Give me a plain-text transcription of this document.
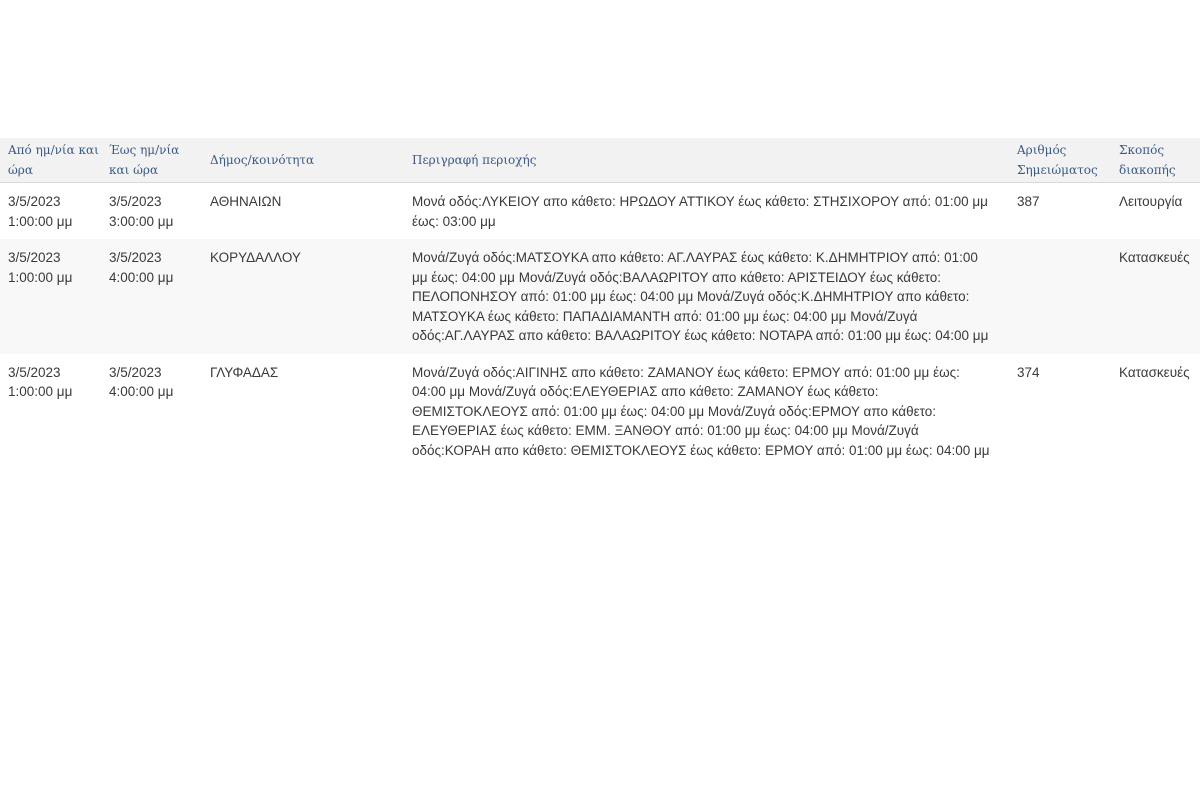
Από ημ/νία και ώρα	Έως ημ/νία και ώρα	Δήμος/κοινότητα	Περιγραφή περιοχής	Αριθμός Σημειώματος	Σκοπός διακοπής
3/5/2023 1:00:00 μμ	3/5/2023 3:00:00 μμ	ΑΘΗΝΑΙΩΝ	Μονά οδός:ΛΥΚΕΙΟΥ απο κάθετο: ΗΡΩΔΟΥ ΑΤΤΙΚΟΥ έως κάθετο: ΣΤΗΣΙΧΟΡΟΥ από: 01:00 μμ έως: 03:00 μμ	387	Λειτουργία
3/5/2023 1:00:00 μμ	3/5/2023 4:00:00 μμ	ΚΟΡΥΔΑΛΛΟΥ	Μονά/Ζυγά οδός:ΜΑΤΣΟΥΚΑ απο κάθετο: ΑΓ.ΛΑΥΡΑΣ έως κάθετο: Κ.ΔΗΜΗΤΡΙΟΥ από: 01:00 μμ έως: 04:00 μμ Μονά/Ζυγά οδός:ΒΑΛΑΩΡΙΤΟΥ απο κάθετο: ΑΡΙΣΤΕΙΔΟΥ έως κάθετο: ΠΕΛΟΠΟΝΗΣΟΥ από: 01:00 μμ έως: 04:00 μμ Μονά/Ζυγά οδός:Κ.ΔΗΜΗΤΡΙΟΥ απο κάθετο: ΜΑΤΣΟΥΚΑ έως κάθετο: ΠΑΠΑΔΙΑΜΑΝΤΗ από: 01:00 μμ έως: 04:00 μμ Μονά/Ζυγά οδός:ΑΓ.ΛΑΥΡΑΣ απο κάθετο: ΒΑΛΑΩΡΙΤΟΥ έως κάθετο: ΝΟΤΑΡΑ από: 01:00 μμ έως: 04:00 μμ		Κατασκευές
3/5/2023 1:00:00 μμ	3/5/2023 4:00:00 μμ	ΓΛΥΦΑΔΑΣ	Μονά/Ζυγά οδός:ΑΙΓΙΝΗΣ απο κάθετο: ΖΑΜΑΝΟΥ έως κάθετο: ΕΡΜΟΥ από: 01:00 μμ έως: 04:00 μμ Μονά/Ζυγά οδός:ΕΛΕΥΘΕΡΙΑΣ απο κάθετο: ΖΑΜΑΝΟΥ έως κάθετο: ΘΕΜΙΣΤΟΚΛΕΟΥΣ από: 01:00 μμ έως: 04:00 μμ Μονά/Ζυγά οδός:ΕΡΜΟΥ απο κάθετο: ΕΛΕΥΘΕΡΙΑΣ έως κάθετο: ΕΜΜ. ΞΑΝΘΟΥ από: 01:00 μμ έως: 04:00 μμ Μονά/Ζυγά οδός:ΚΟΡΑΗ απο κάθετο: ΘΕΜΙΣΤΟΚΛΕΟΥΣ έως κάθετο: ΕΡΜΟΥ από: 01:00 μμ έως: 04:00 μμ	374	Κατασκευές
